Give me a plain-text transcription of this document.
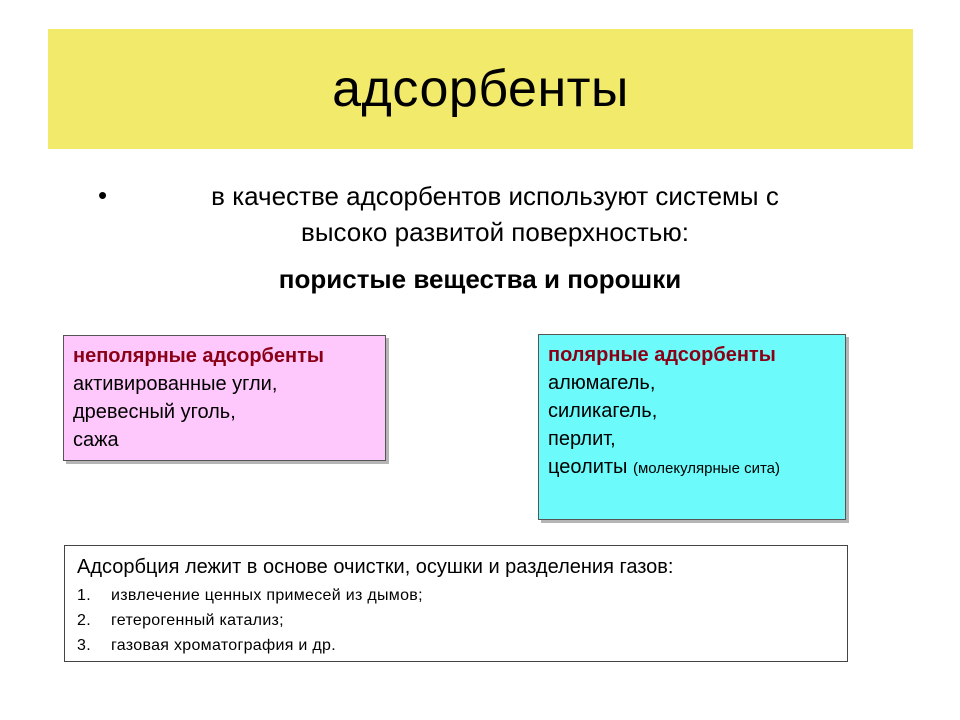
адсорбенты
•	в качестве адсорбентов используют системы с
высоко развитой поверхностью:
пористые вещества и порошки
неполярные адсорбенты
активированные угли,
древесный уголь,
сажа
полярные адсорбенты
алюмагель,
силикагель,
перлит,
цеолиты (молекулярные сита)
Адсорбция лежит в основе очистки, осушки и разделения газов:
1. извлечение ценных примесей из дымов;
2. гетерогенный катализ;
3. газовая хроматография и др.
